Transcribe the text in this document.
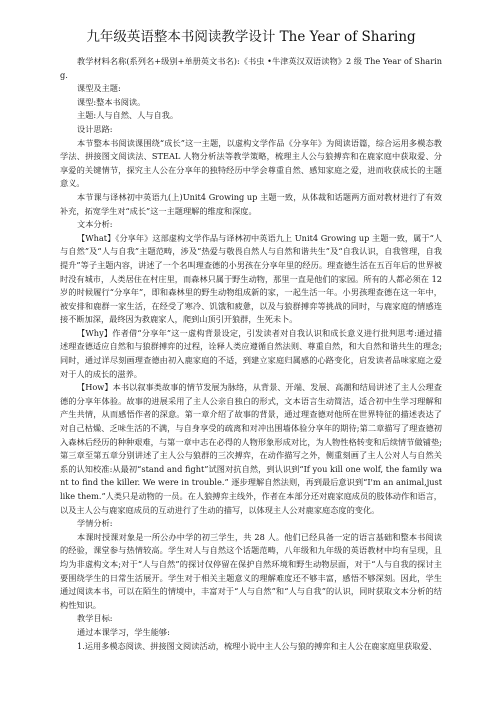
九年级英语整本书阅读教学设计 The Year of Sharing

教学材料名称(系列名+级别+单册英文书名):《书虫 •牛津英汉双语读物》2 级 The Year of Sharing.

课型及主题:

课型:整本书阅读。

主题:人与自然、人与自我。

设计思路:

本节整本书阅读课围绕“成长”这一主题，以虚构文学作品《分享年》为阅读语篇，综合运用多模态教学法、拼接图文阅读法、STEAL 人物分析法等教学策略，梳理主人公与狼搏弈和在鹿家庭中获取爱、分享爱的关键情节，探究主人公在分享年的独特经历中学会尊重自然、感知家庭之爱，进而收获成长的主题意义。

本节课与译林初中英语九(上)Unit4 Growing up 主题一致，从体裁和话题两方面对教材进行了有效补充，拓宽学生对“成长”这一主题理解的维度和深度。

文本分析:

【What】《分享年》这部虚构文学作品与译林初中英语九上 Unit4 Growing up 主题一致，属于“人与自然”及“人与自我”主题范畴，涉及“热爱与敬畏自然人与自然和谐共生”及“自我认识，自我管理，自我提升”等子主题内容，讲述了一个名叫理查德的小男孩在分享年里的经历。理查德生活在五百年后的世界被时没有城市，人类居住在村庄里，而森林只属于野生动物，那里一直是他们的家园。所有的人都必须在 12 岁的时候履行“分享年”，即和森林里的野生动物组成新的家，一起生活一年。小男孩理查德在这一年中，被安排和鹿群一家生活，在经受了寒冷、饥饿和疲惫，以及与狼群搏弈等挑战的同时，与鹿家庭的情感连接不断加深，最终因为救鹿家人，爬到山顶引开狼群，生死未卜。

【Why】作者借“分享年”这一虚构背景设定，引发读者对自我认识和成长意义进行批判思考:通过描述理查德适应自然和与狼群搏弈的过程，诠释人类应遵循自然法则、尊重自然，和大自然和谐共生的理念;同时，通过详尽刻画理查德由初入鹿家庭的不适，到建立家庭归属感的心路变化，启发读者品味家庭之爱对于人的成长的滋养。

【How】本书以叙事类故事的情节发展为脉络，从背景、开端、发展、高潮和结局讲述了主人公理查德的分享年体验。故事的进展采用了主人公亲自独白的形式，文本语言生动简洁，适合初中生学习理解和产生共情，从而感悟作者的深意。第一章介绍了故事的背景，通过理查德对他所在世界特征的描述表达了对自己枯燥、乏味生活的不满，与自身享受的疏离和对冲出围墙体验分享年的期待;第二章描写了理查德初入森林后经历的种种艰难，与第一章中志在必得的人物形象形成对比，为人物性格转变和后续情节做铺垫;第三章至第五章分别讲述了主人公与狼群的三次搏弈，在动作描写之外，侧重刻画了主人公对人与自然关系的认知校准:从最初“stand and fight”试图对抗自然，到认识到“If you kill one wolf, the family want to find the killer. We were in trouble.” 逐步理解自然法则，再到最后意识到“I'm an animal,just like them.”人类只是动物的一员。在人狼搏弈主线外，作者在本部分还对鹿家庭成员的肢体动作和语言，以及主人公与鹿家庭成员的互动进行了生动的描写，以体现主人公对鹿家庭态度的变化。

学情分析:

本课时授课对象是一所公办中学的初三学生，共 28 人。他们已经具备一定的语言基础和整本书阅读的经验，课堂参与热情较高。学生对人与自然这个话题范畴，八年级和九年级的英语教材中均有呈现，且均为非虚构文本;对于“人与自然”的探讨仅停留在保护自然环境和野生动物层面，对于“人与自我的探讨主要围绕学生的日常生活展开。学生对于相关主题意义的理解难度还不够丰富，感悟不够深刻。因此，学生通过阅读本书，可以在陌生的情境中，丰富对于“人与自然”和“人与自我”的认识，同时获取文本分析的结构性知识。

教学目标:

通过本课学习，学生能够:

1.运用多模态阅读、拼接图文阅读活动，梳理小说中主人公与狼的搏弈和主人公在鹿家庭里获取爱、
